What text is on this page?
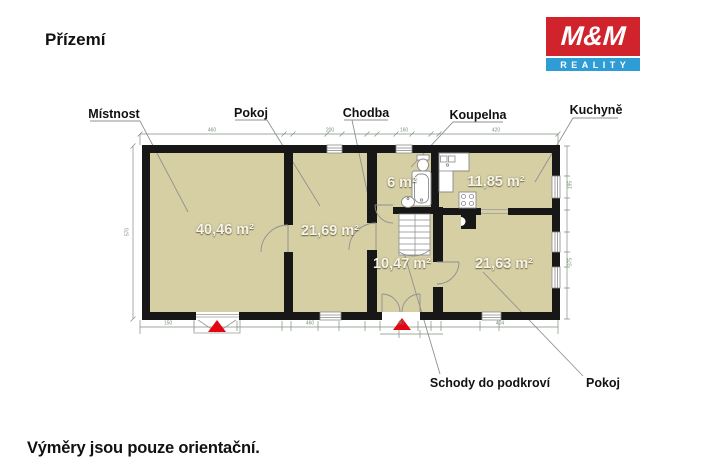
Přízemí	M&M
REALITY
Místnost	Pokoj	Chodba	Koupelna	Kuchyně
Schody do podkroví	Pokoj
40,46 m²	21,69 m²
6 m²	11,85 m²
10,47 m²	21,63 m²
460	200	160	420
150	460	90	404
570
195
375
Výměry jsou pouze orientační.
